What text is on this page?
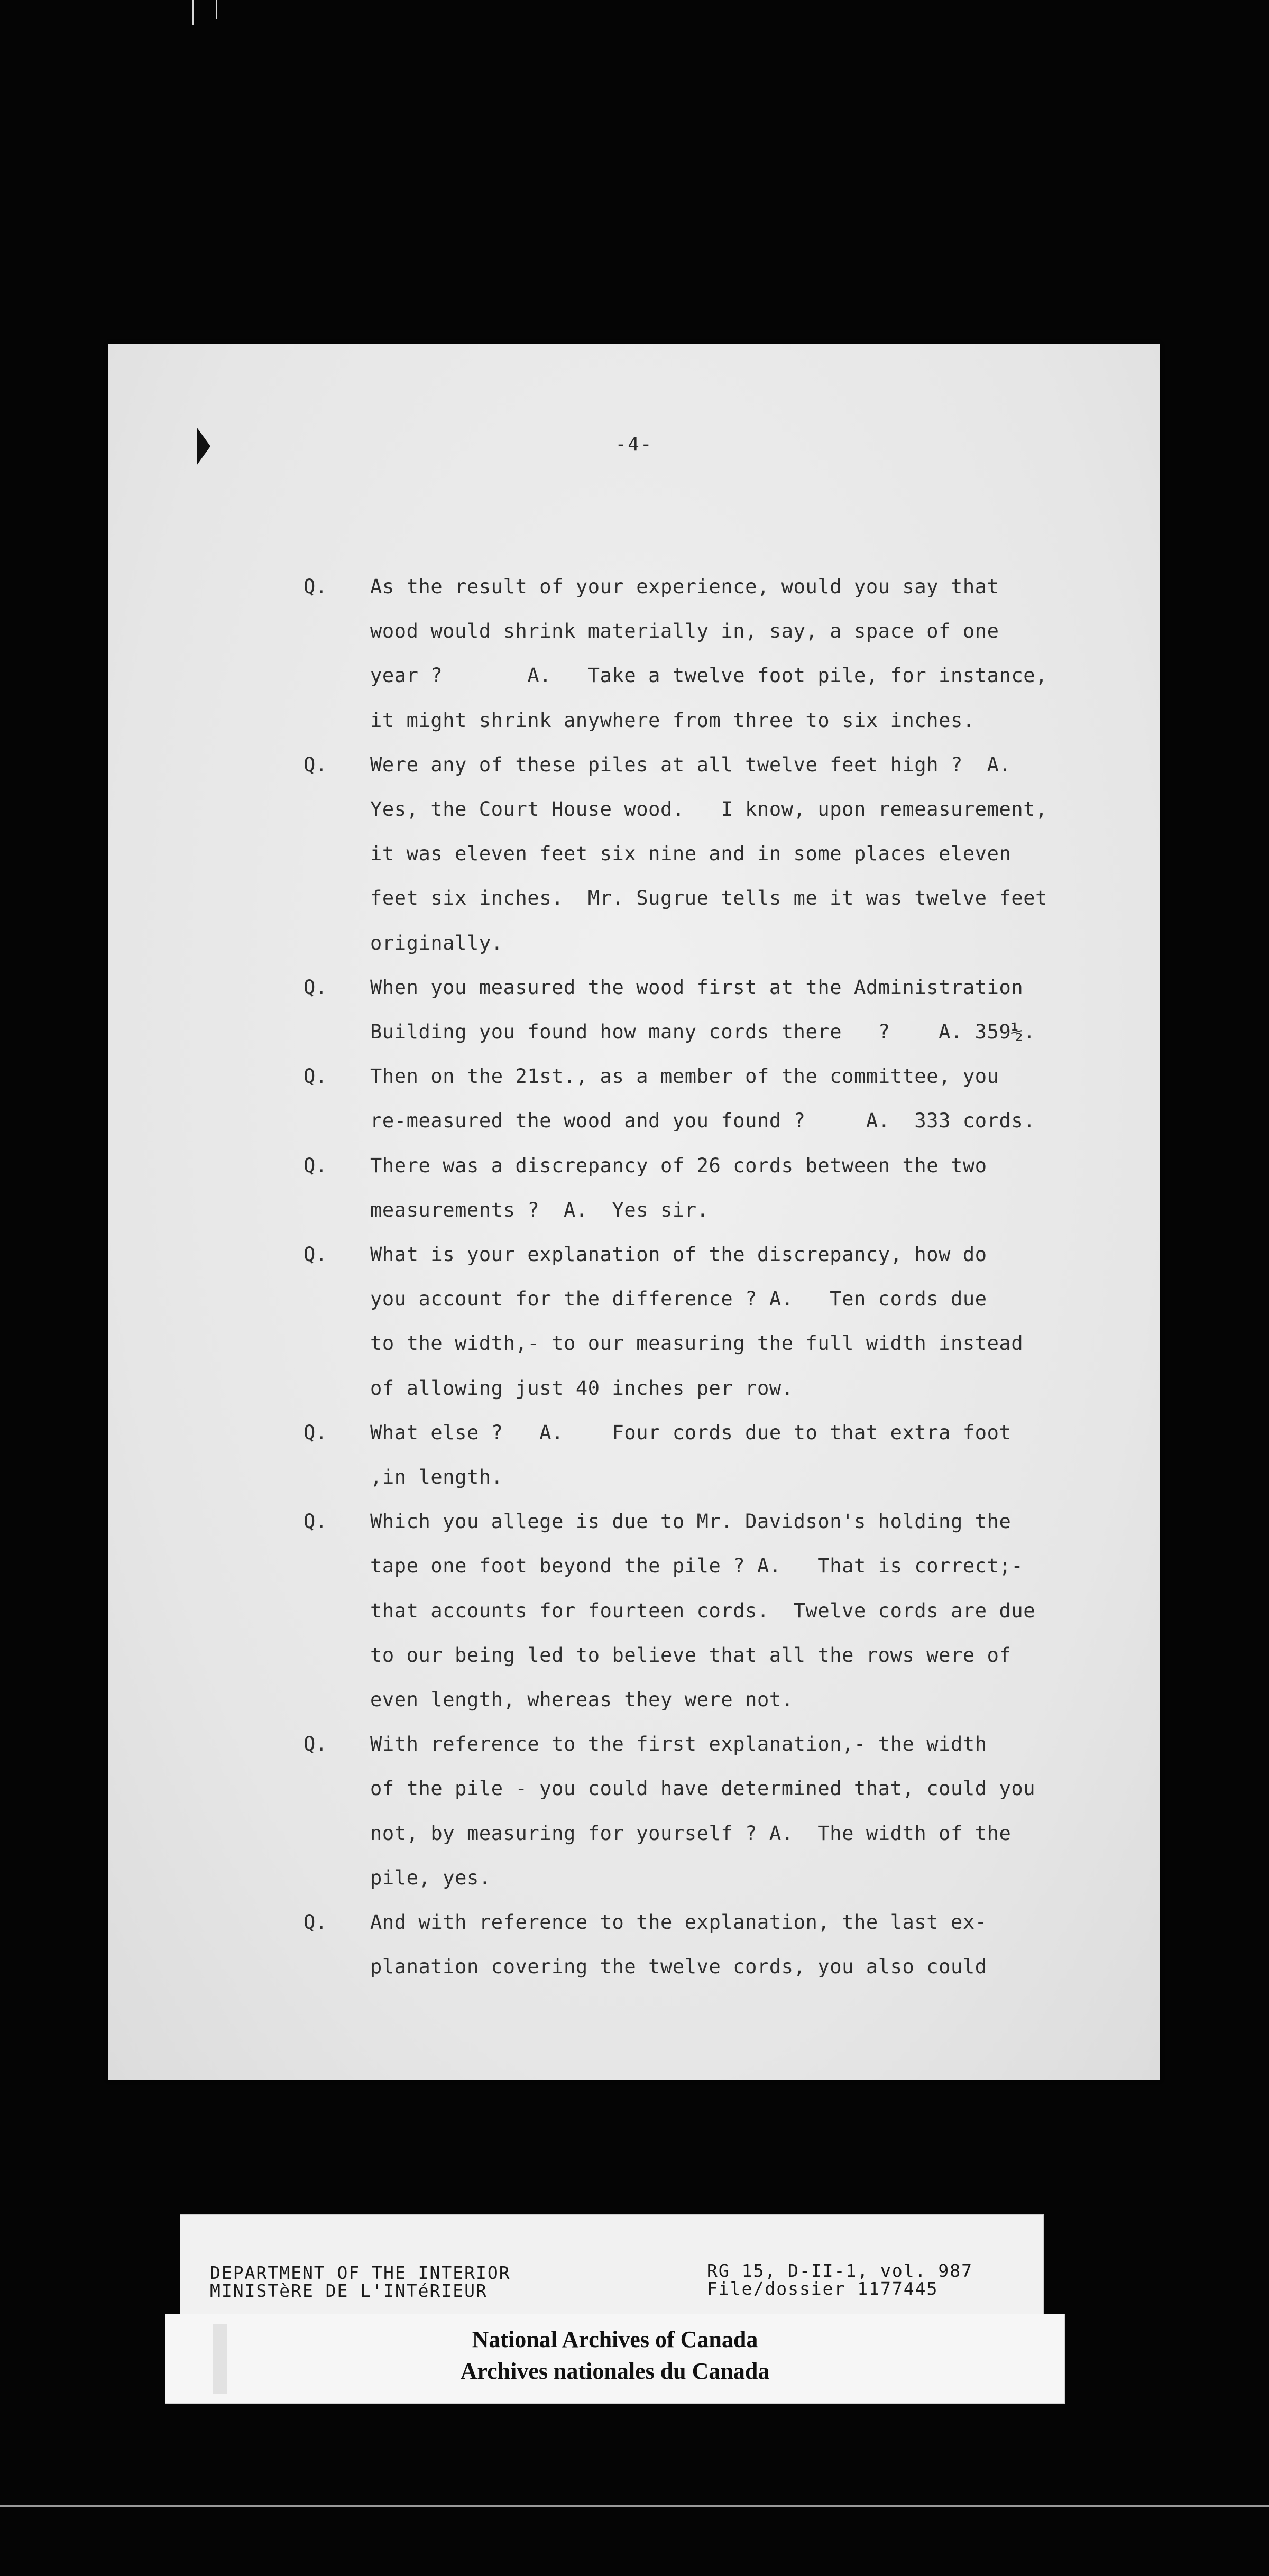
-4-
Q. As the result of your experience, would you say that
wood would shrink materially in, say, a space of one
year ?       A.   Take a twelve foot pile, for instance,
it might shrink anywhere from three to six inches.
Q. Were any of these piles at all twelve feet high ?  A.
Yes, the Court House wood.   I know, upon remeasurement,
it was eleven feet six nine and in some places eleven
feet six inches.  Mr. Sugrue tells me it was twelve feet
originally.
Q. When you measured the wood first at the Administration
Building you found how many cords there   ?    A. 359½.
Q. Then on the 21st., as a member of the committee, you
re-measured the wood and you found ?     A.  333 cords.
Q. There was a discrepancy of 26 cords between the two
measurements ?  A.  Yes sir.
Q. What is your explanation of the discrepancy, how do
you account for the difference ? A.   Ten cords due
to the width,- to our measuring the full width instead
of allowing just 40 inches per row.
Q. What else ?   A.    Four cords due to that extra foot
,in length.
Q. Which you allege is due to Mr. Davidson's holding the
tape one foot beyond the pile ? A.   That is correct;-
that accounts for fourteen cords.  Twelve cords are due
to our being led to believe that all the rows were of
even length, whereas they were not.
Q. With reference to the first explanation,- the width
of the pile - you could have determined that, could you
not, by measuring for yourself ? A.  The width of the
pile, yes.
Q. And with reference to the explanation, the last ex-
planation covering the twelve cords, you also could
DEPARTMENT OF THE INTERIOR
MINISTèRE DE L'INTéRIEUR
RG 15, D-II-1, vol. 987
File/dossier 1177445
National Archives of Canada
Archives nationales du Canada
